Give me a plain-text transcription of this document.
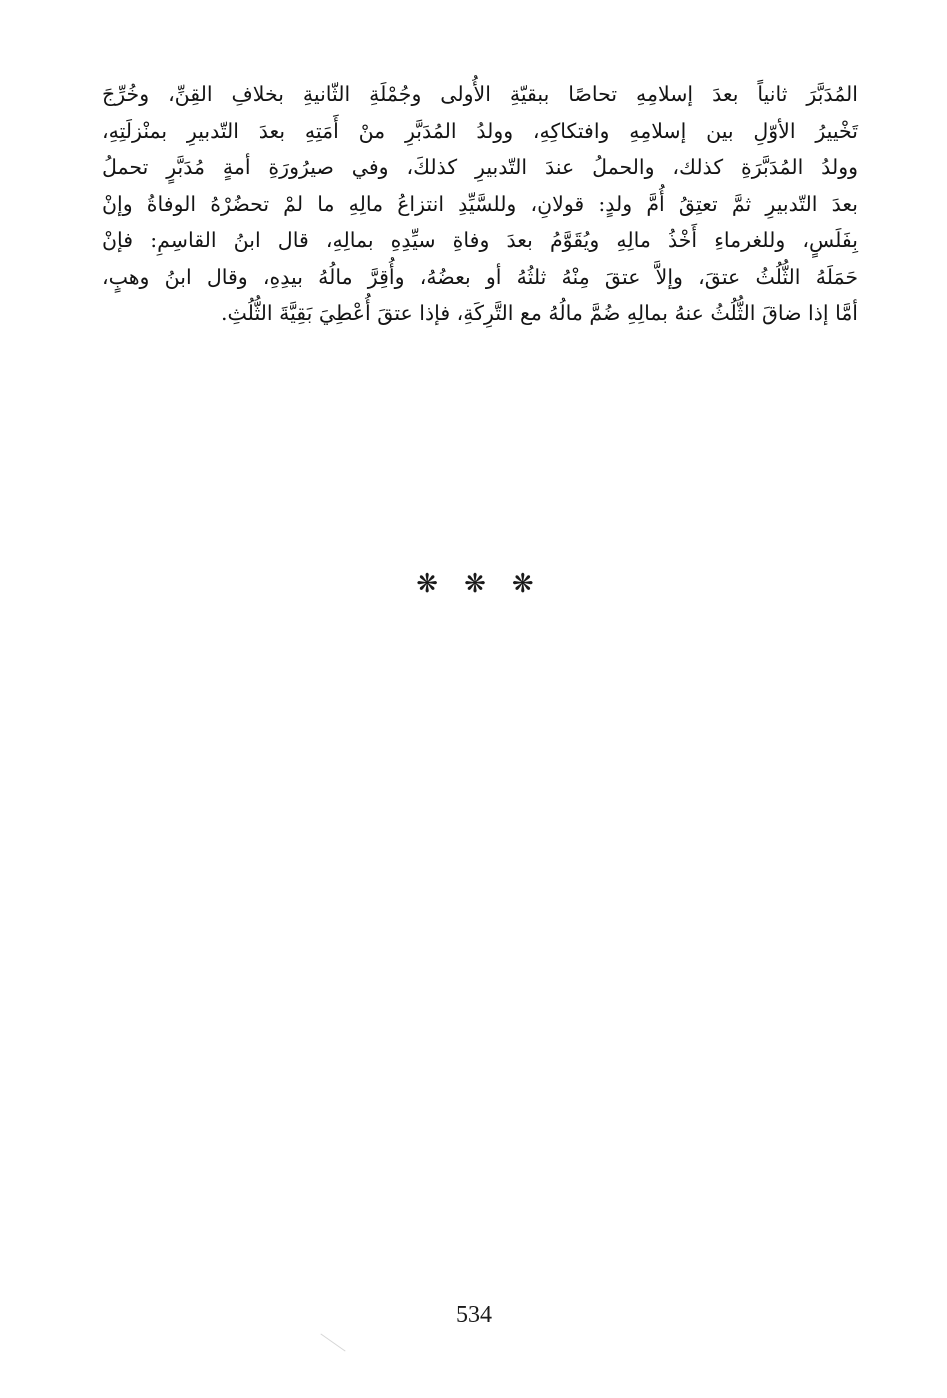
المُدَبَّرَ ثانياً بعدَ إسلامِهِ تحاصًا ببقيّةِ الأُولى وجُمْلَةِ الثّانيةِ بخلافِ القِنِّ، وخُرِّجَ
تَخْييرُ الأوّلِ بين إسلامِهِ وافتكاكِهِ، وولدُ المُدَبَّرِ منْ أَمَتِهِ بعدَ التّدبيرِ بمنْزلَتِهِ،
وولدُ المُدَبَّرَةِ كذلك، والحملُ عندَ التّدبيرِ كذلكَ، وفي صيرُورَةِ أمةٍ مُدَبَّرٍ تحملُ
بعدَ التّدبيرِ ثمَّ تعتِقُ أُمَّ ولدٍ: قولانِ، وللسَّيِّدِ انتزاعُ مالِهِ ما لمْ تحضُرْهُ الوفاةُ وإنْ
بِفَلَسٍ، وللغرماءِ أَخْذُ مالِهِ ويُقَوَّمُ بعدَ وفاةِ سيِّدِهِ بمالِهِ، قال ابنُ القاسِمِ: فإنْ
حَمَلَهُ الثُّلُثُ عتقَ، وإلاَّ عتقَ مِنْهُ ثلثُهُ أو بعضُهُ، وأُقِرَّ مالُهُ بيدِهِ، وقال ابنُ وهبٍ،
أمَّا إذا ضاقَ الثُّلُثُ عنهُ بمالِهِ ضُمَّ مالُهُ مع التَّرِكَةِ، فإذا عتقَ أُعْطِيَ بَقِيَّةَ الثُّلُثِ.
❋ ❋ ❋
534
